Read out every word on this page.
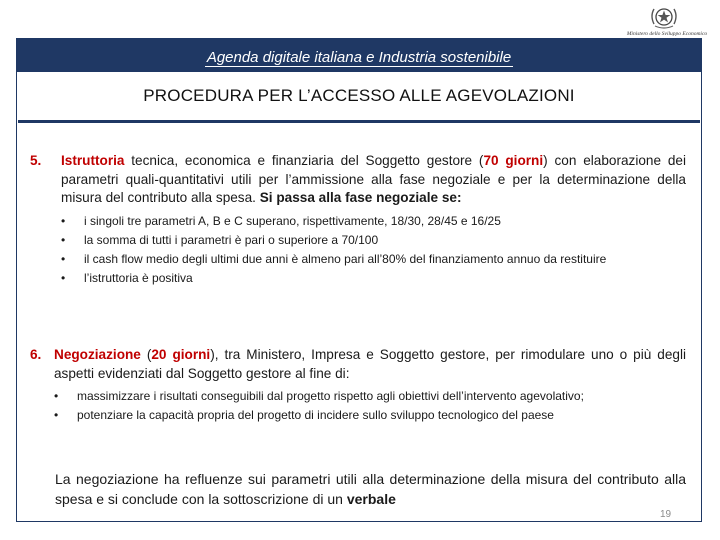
Ministero dello Sviluppo Economico
Agenda digitale italiana e Industria sostenibile
PROCEDURA PER L’ACCESSO ALLE AGEVOLAZIONI
5. Istruttoria tecnica, economica e finanziaria del Soggetto gestore (70 giorni) con elaborazione dei parametri quali-quantitativi utili per l’ammissione alla fase negoziale e per la determinazione della misura del contributo alla spesa. Si passa alla fase negoziale se:
• i singoli tre parametri A, B e C superano, rispettivamente, 18/30, 28/45 e 16/25
• la somma di tutti i parametri è pari o superiore a 70/100
• il cash flow medio degli ultimi due anni è almeno pari all’80% del finanziamento annuo da restituire
• l’istruttoria è positiva
6. Negoziazione (20 giorni), tra Ministero, Impresa e Soggetto gestore, per rimodulare uno o più degli aspetti evidenziati dal Soggetto gestore al fine di:
• massimizzare i risultati conseguibili dal progetto rispetto agli obiettivi dell’intervento agevolativo;
• potenziare la capacità propria del progetto di incidere sullo sviluppo tecnologico del paese
La negoziazione ha refluenze sui parametri utili alla determinazione della misura del contributo alla spesa e si conclude con la sottoscrizione di un verbale
19
